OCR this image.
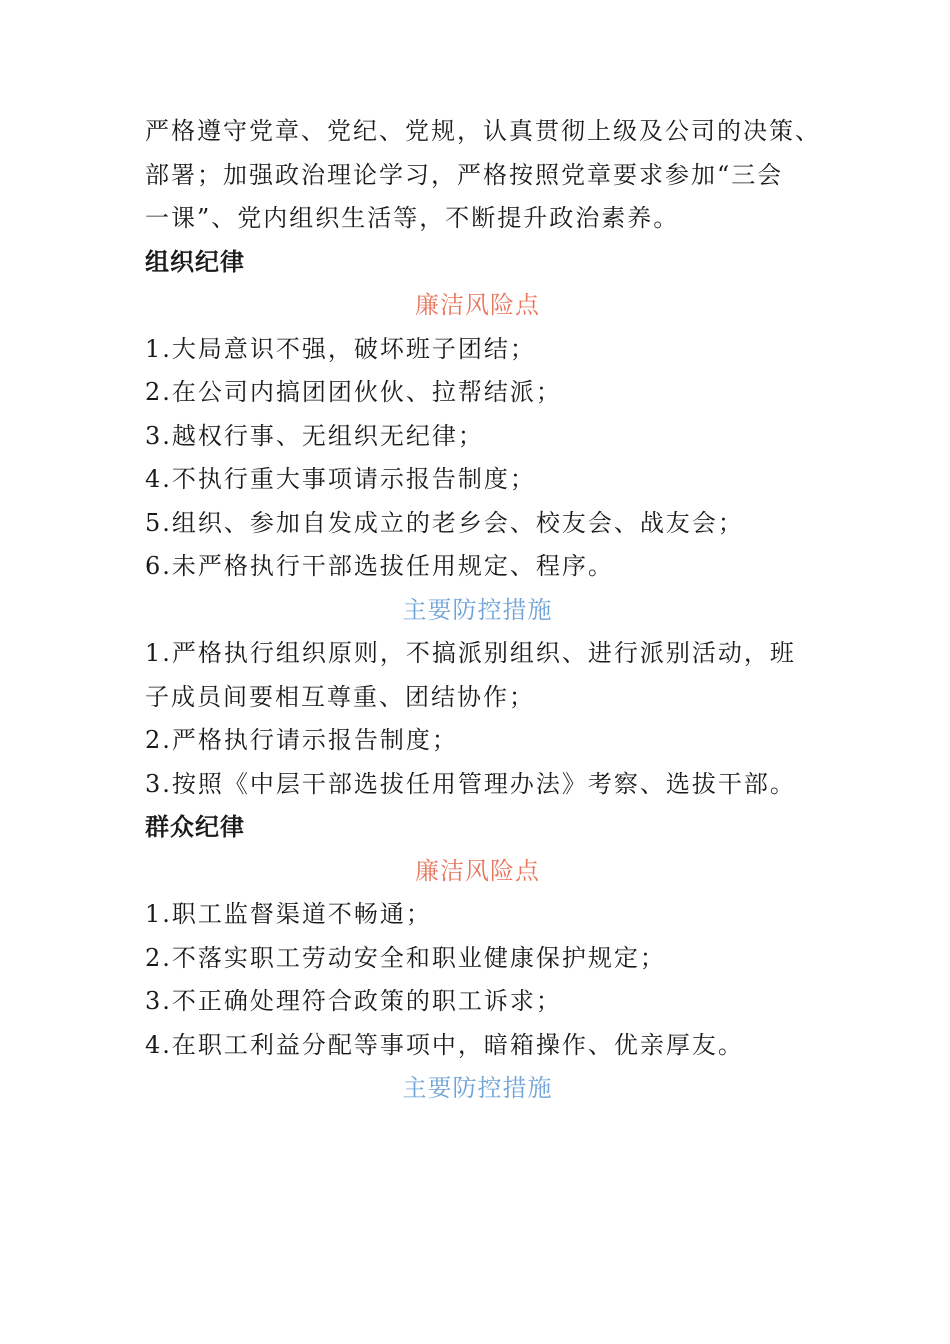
严格遵守党章、党纪、党规，认真贯彻上级及公司的决策、
部署；加强政治理论学习，严格按照党章要求参加“三会
一课”、党内组织生活等，不断提升政治素养。
组织纪律
廉洁风险点
1.大局意识不强，破坏班子团结；
2.在公司内搞团团伙伙、拉帮结派；
3.越权行事、无组织无纪律；
4.不执行重大事项请示报告制度；
5.组织、参加自发成立的老乡会、校友会、战友会；
6.未严格执行干部选拔任用规定、程序。
主要防控措施
1.严格执行组织原则，不搞派别组织、进行派别活动，班
子成员间要相互尊重、团结协作；
2.严格执行请示报告制度；
3.按照《中层干部选拔任用管理办法》考察、选拔干部。
群众纪律
廉洁风险点
1.职工监督渠道不畅通；
2.不落实职工劳动安全和职业健康保护规定；
3.不正确处理符合政策的职工诉求；
4.在职工利益分配等事项中，暗箱操作、优亲厚友。
主要防控措施
